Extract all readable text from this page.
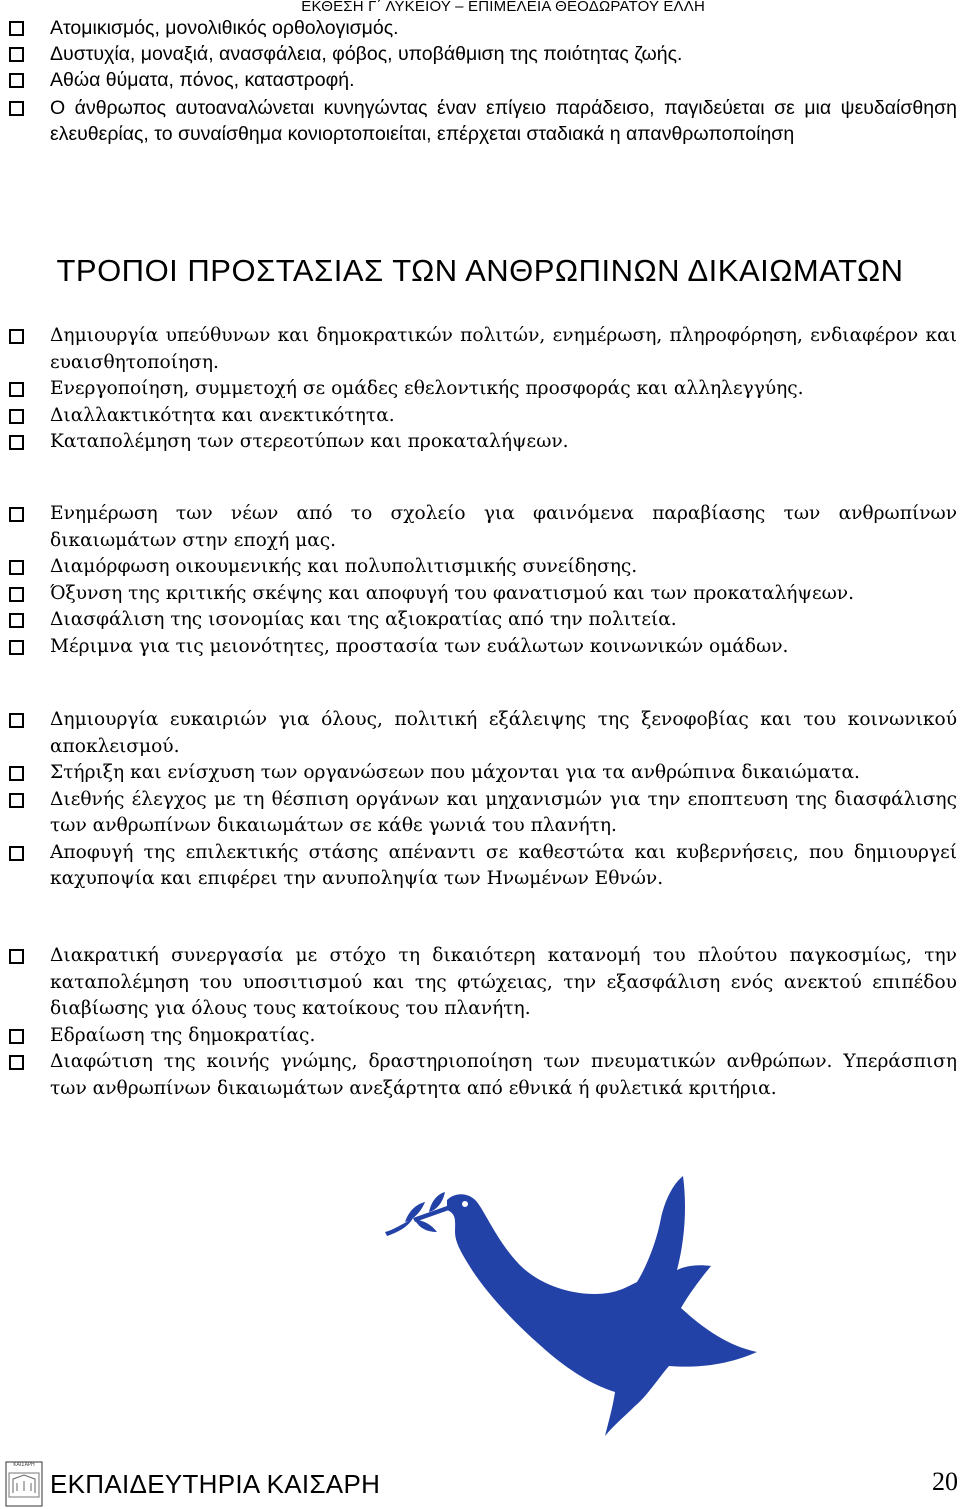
ΕΚΘΕΣΗ Γ΄ ΛΥΚΕΙΟΥ – ΕΠΙΜΕΛΕΙΑ ΘΕΟΔΩΡΑΤΟΥ ΕΛΛΗ

Ατομικισμός, μονολιθικός ορθολογισμός.

Δυστυχία, μοναξιά, ανασφάλεια, φόβος, υποβάθμιση της ποιότητας ζωής.

Αθώα θύματα, πόνος, καταστροφή.

Ο άνθρωπος αυτοαναλώνεται κυνηγώντας έναν επίγειο παράδεισο, παγιδεύεται σε μια ψευδαίσθηση ελευθερίας, το συναίσθημα κονιορτοποιείται, επέρχεται σταδιακά η απανθρωποποίηση

ΤΡΟΠΟΙ ΠΡΟΣΤΑΣΙΑΣ ΤΩΝ ΑΝΘΡΩΠΙΝΩΝ ΔΙΚΑΙΩΜΑΤΩΝ

Δημιουργία υπεύθυνων και δημοκρατικών πολιτών, ενημέρωση, πληροφόρηση, ενδιαφέρον και ευαισθητοποίηση.

Ενεργοποίηση, συμμετοχή σε ομάδες εθελοντικής προσφοράς και αλληλεγγύης.

Διαλλακτικότητα και ανεκτικότητα.

Καταπολέμηση των στερεοτύπων και προκαταλήψεων.

Ενημέρωση των νέων από το σχολείο για φαινόμενα παραβίασης των ανθρωπίνων δικαιωμάτων στην εποχή μας.

Διαμόρφωση οικουμενικής και πολυπολιτισμικής συνείδησης.

Όξυνση της κριτικής σκέψης και αποφυγή του φανατισμού και των προκαταλήψεων.

Διασφάλιση της ισονομίας και της αξιοκρατίας από την πολιτεία.

Μέριμνα για τις μειονότητες, προστασία των ευάλωτων κοινωνικών ομάδων.

Δημιουργία ευκαιριών για όλους, πολιτική εξάλειψης της ξενοφοβίας και του κοινωνικού αποκλεισμού.

Στήριξη και ενίσχυση των οργανώσεων που μάχονται για τα ανθρώπινα δικαιώματα.

Διεθνής έλεγχος με τη θέσπιση οργάνων και μηχανισμών για την εποπτευση της διασφάλισης των ανθρωπίνων δικαιωμάτων σε κάθε γωνιά του πλανήτη.

Αποφυγή της επιλεκτικής στάσης απέναντι σε καθεστώτα και κυβερνήσεις, που δημιουργεί καχυποψία και επιφέρει την ανυποληψία των Ηνωμένων Εθνών.

Διακρατική συνεργασία με στόχο τη δικαιότερη κατανομή του πλούτου παγκοσμίως, την καταπολέμηση του υποσιτισμού και της φτώχειας, την εξασφάλιση ενός ανεκτού επιπέδου διαβίωσης για όλους τους κατοίκους του πλανήτη.

Εδραίωση της δημοκρατίας.

Διαφώτιση της κοινής γνώμης, δραστηριοποίηση των πνευματικών ανθρώπων. Υπεράσπιση των ανθρωπίνων δικαιωμάτων ανεξάρτητα από εθνικά ή φυλετικά κριτήρια.

ΚΑΙΣΑΡΗ
ΕΚΠΑΙΔΕΥΤΗΡΙΑ ΚΑΙΣΑΡΗ	20
